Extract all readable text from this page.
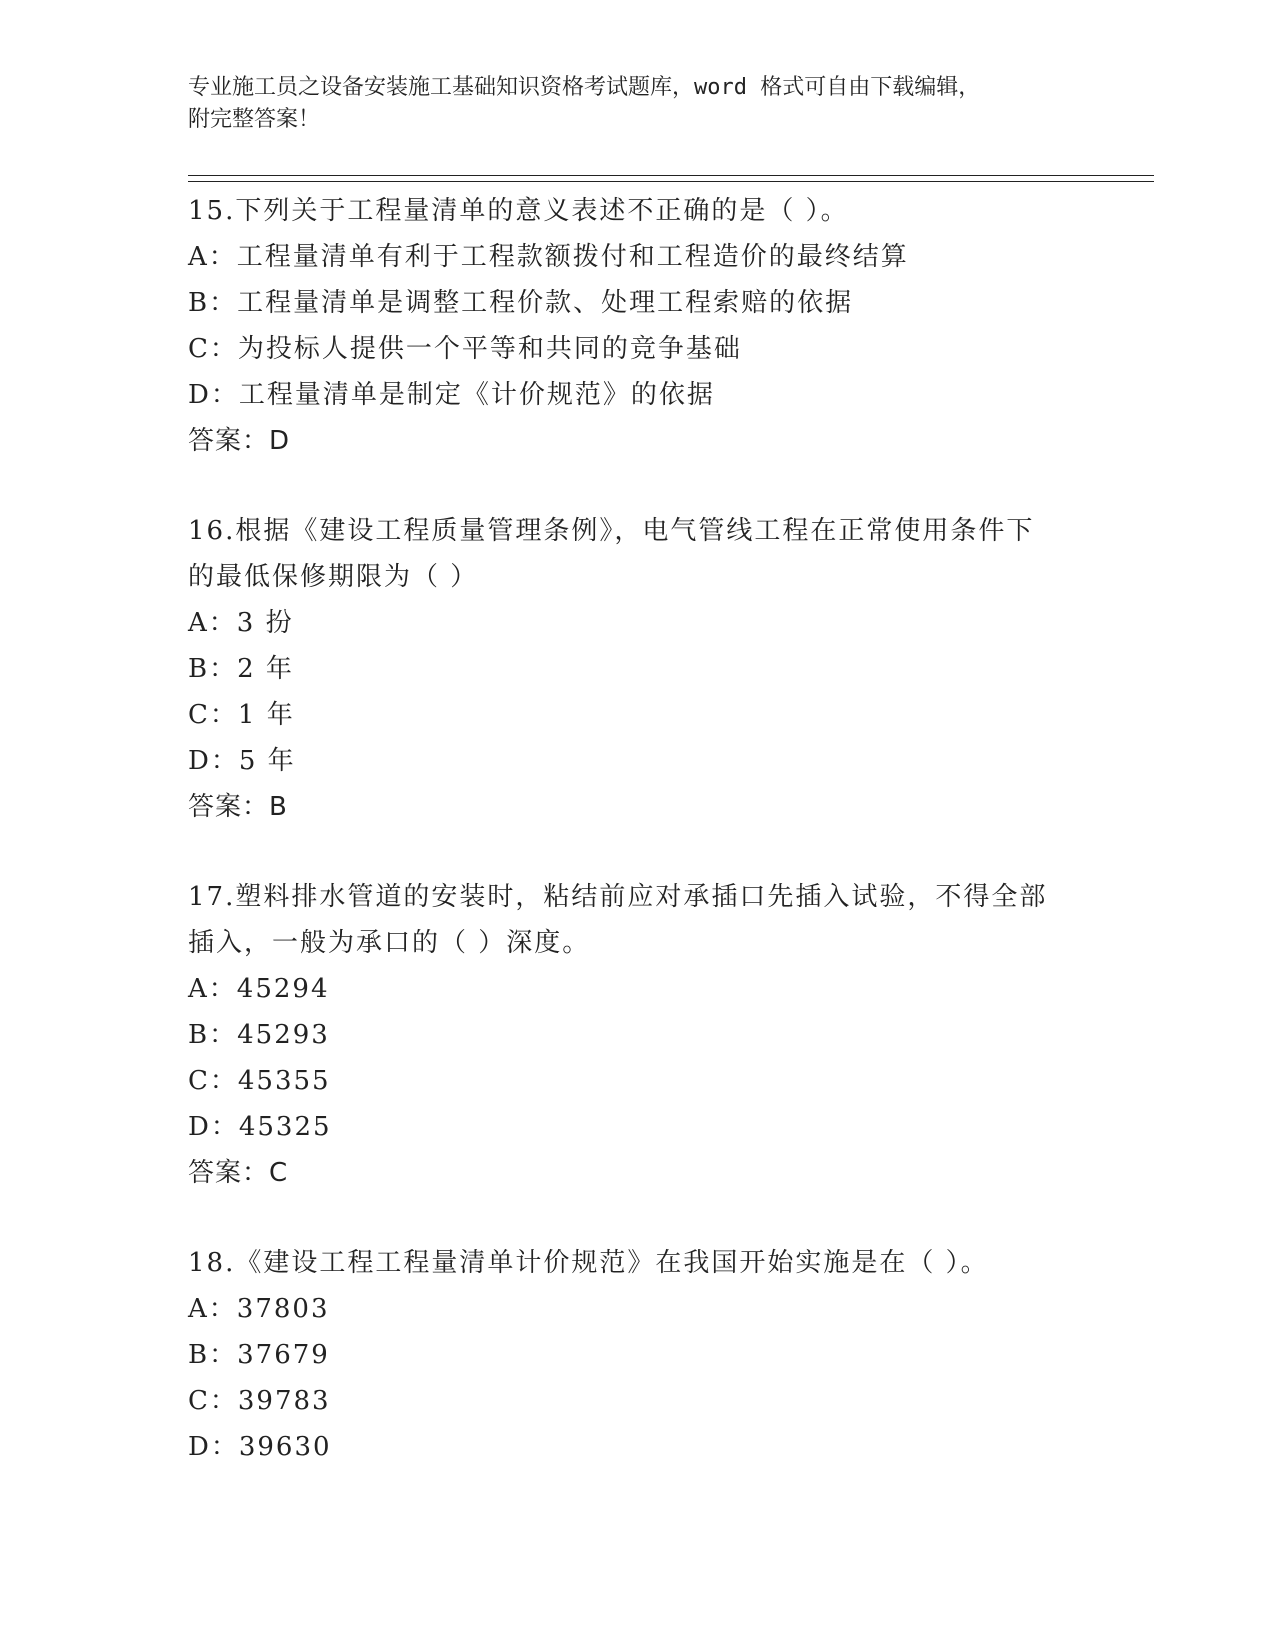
专业施工员之设备安装施工基础知识资格考试题库，word 格式可自由下载编辑，
附完整答案！
15.下列关于工程量清单的意义表述不正确的是（ ）。
A：工程量清单有利于工程款额拨付和工程造价的最终结算
B：工程量清单是调整工程价款、处理工程索赔的依据
C：为投标人提供一个平等和共同的竞争基础
D：工程量清单是制定《计价规范》的依据
答案：D
16.根据《建设工程质量管理条例》，电气管线工程在正常使用条件下
的最低保修期限为（ ）
A：3 扮
B：2 年
C：1 年
D：5 年
答案：B
17.塑料排水管道的安装时，粘结前应对承插口先插入试验，不得全部
插入，一般为承口的（ ）深度。
A：45294
B：45293
C：45355
D：45325
答案：C
18.《建设工程工程量清单计价规范》在我国开始实施是在（ ）。
A：37803
B：37679
C：39783
D：39630
